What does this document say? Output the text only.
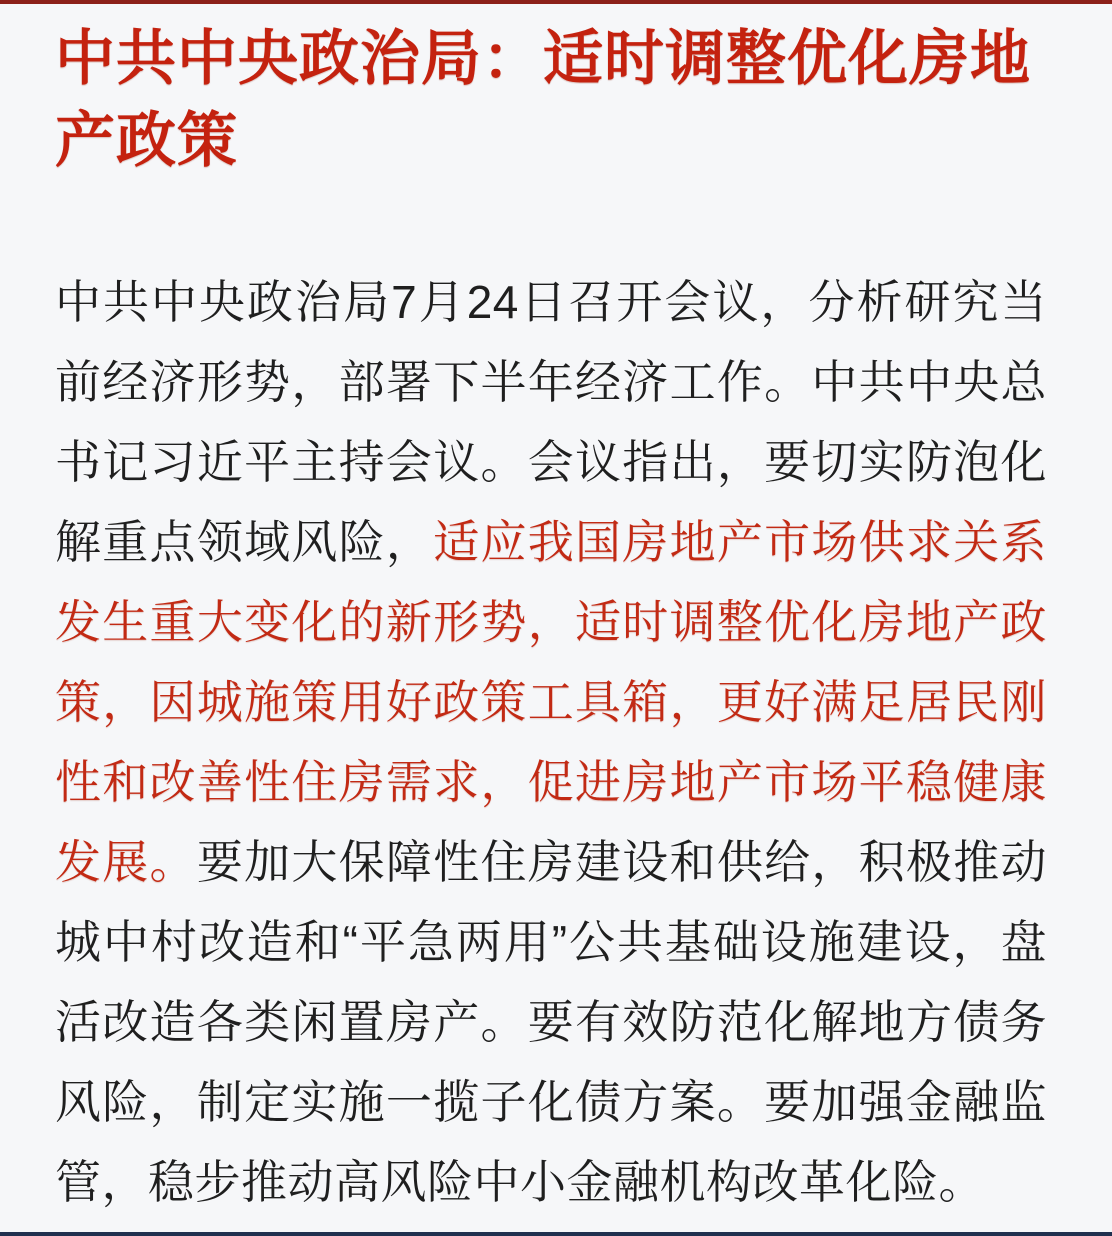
中共中央政治局：适时调整优化房地产政策

中共中央政治局7月24日召开会议，分析研究当前经济形势，部署下半年经济工作。中共中央总书记习近平主持会议。会议指出，要切实防泡化解重点领域风险，适应我国房地产市场供求关系发生重大变化的新形势，适时调整优化房地产政策，因城施策用好政策工具箱，更好满足居民刚性和改善性住房需求，促进房地产市场平稳健康发展。要加大保障性住房建设和供给，积极推动城中村改造和“平急两用”公共基础设施建设，盘活改造各类闲置房产。要有效防范化解地方债务风险，制定实施一揽子化债方案。要加强金融监管，稳步推动高风险中小金融机构改革化险。
